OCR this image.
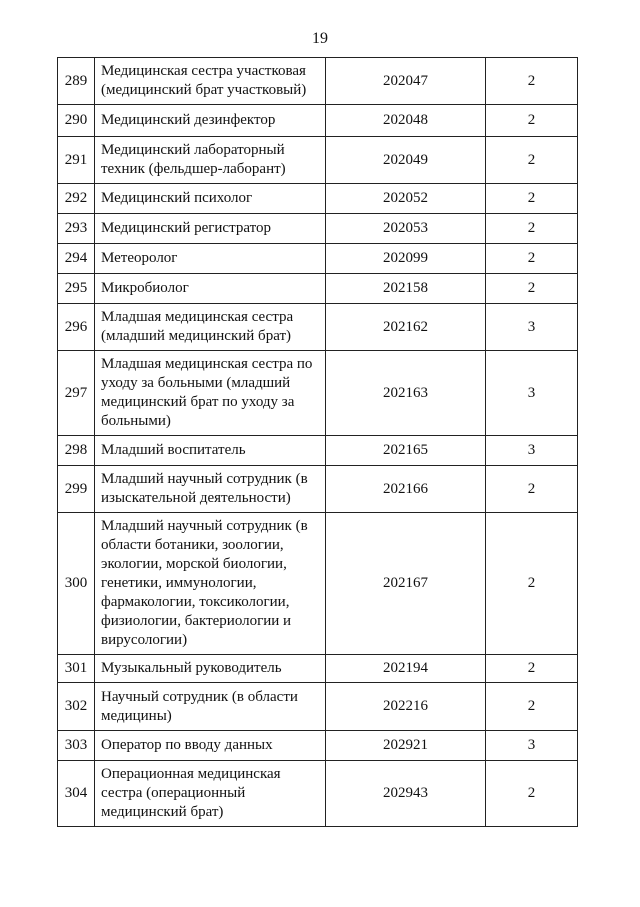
19
289	Медицинская сестра участковая (медицинский брат участковый)	202047	2
290	Медицинский дезинфектор	202048	2
291	Медицинский лабораторный техник (фельдшер-лаборант)	202049	2
292	Медицинский психолог	202052	2
293	Медицинский регистратор	202053	2
294	Метеоролог	202099	2
295	Микробиолог	202158	2
296	Младшая медицинская сестра (младший медицинский брат)	202162	3
297	Младшая медицинская сестра по уходу за больными (младший медицинский брат по уходу за больными)	202163	3
298	Младший воспитатель	202165	3
299	Младший научный сотрудник (в изыскательной деятельности)	202166	2
300	Младший научный сотрудник (в области ботаники, зоологии, экологии, морской биологии, генетики, иммунологии, фармакологии, токсикологии, физиологии, бактериологии и вирусологии)	202167	2
301	Музыкальный руководитель	202194	2
302	Научный сотрудник (в области медицины)	202216	2
303	Оператор по вводу данных	202921	3
304	Операционная медицинская сестра (операционный медицинский брат)	202943	2
